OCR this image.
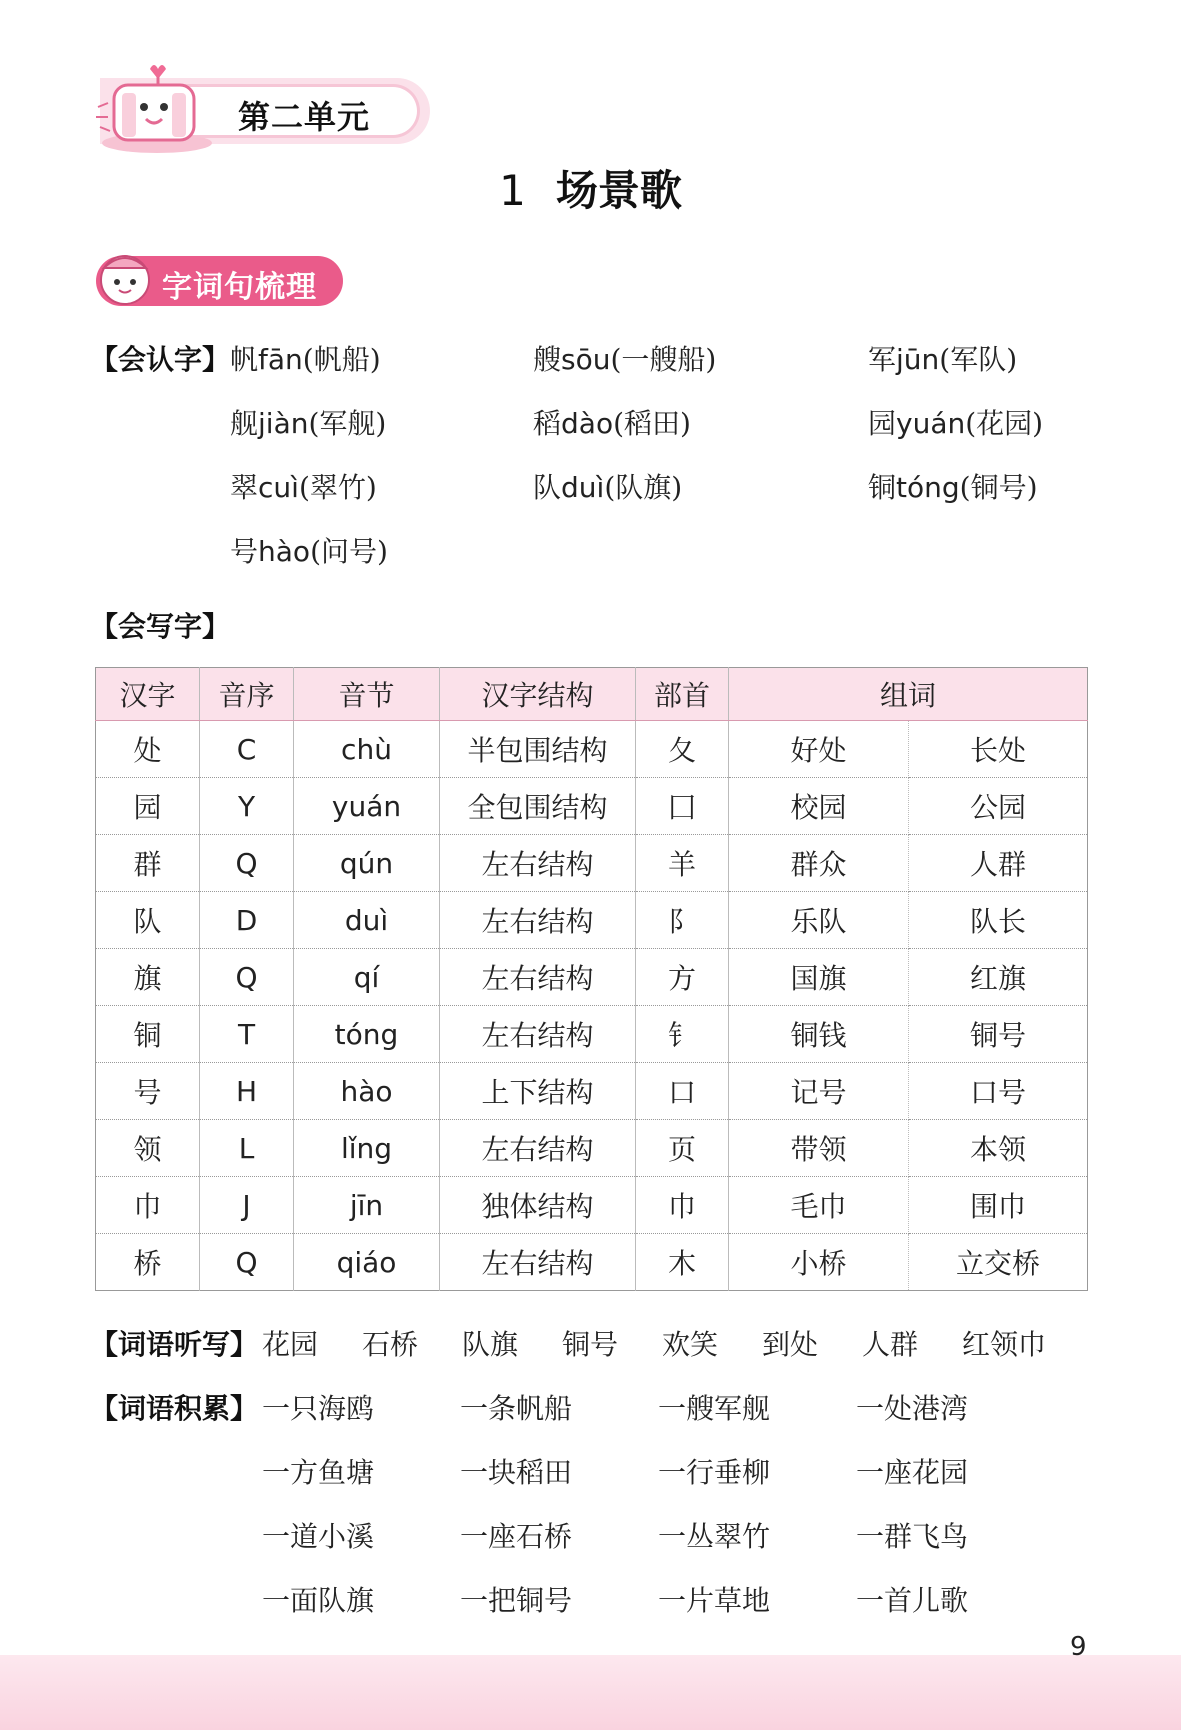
第二单元
1 场景歌
字词句梳理
【会认字】 帆fān(帆船)	艘sōu(一艘船)	军jūn(军队)
舰jiàn(军舰)	稻dào(稻田)	园yuán(花园)
翠cuì(翠竹)	队duì(队旗)	铜tóng(铜号)
号hào(问号)
【会写字】
汉字	音序	音节	汉字结构	部首	组词	
处	C	chù	半包围结构	夂	好处	长处
园	Y	yuán	全包围结构	囗	校园	公园
群	Q	qún	左右结构	羊	群众	人群
队	D	duì	左右结构	阝	乐队	队长
旗	Q	qí	左右结构	方	国旗	红旗
铜	T	tóng	左右结构	钅	铜钱	铜号
号	H	hào	上下结构	口	记号	口号
领	L	lǐng	左右结构	页	带领	本领
巾	J	jīn	独体结构	巾	毛巾	围巾
桥	Q	qiáo	左右结构	木	小桥	立交桥
【词语听写】 花园 石桥 队旗 铜号 欢笑 到处 人群 红领巾
【词语积累】 一只海鸥	一条帆船	一艘军舰	一处港湾
一方鱼塘	一块稻田	一行垂柳	一座花园
一道小溪	一座石桥	一丛翠竹	一群飞鸟
一面队旗	一把铜号	一片草地	一首儿歌
9
